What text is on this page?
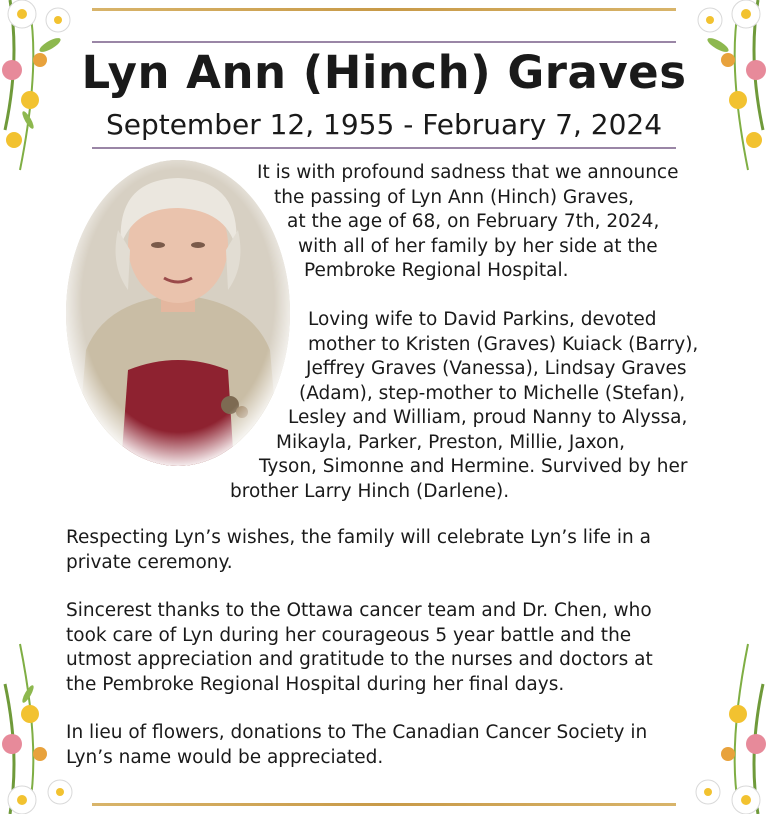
Lyn Ann (Hinch) Graves

September 12, 1955 - February 7, 2024

It is with profound sadness that we announce

the passing of Lyn Ann (Hinch) Graves,

at the age of 68, on February 7th, 2024,

with all of her family by her side at the

Pembroke Regional Hospital.

Loving wife to David Parkins, devoted

mother to Kristen (Graves) Kuiack (Barry),

Jeffrey Graves (Vanessa), Lindsay Graves

(Adam), step-mother to Michelle (Stefan),

Lesley and William, proud Nanny to Alyssa,

Mikayla, Parker, Preston, Millie, Jaxon,

Tyson, Simonne and Hermine. Survived by her

brother Larry Hinch (Darlene).

Respecting Lyn’s wishes, the family will celebrate Lyn’s life in a

private ceremony.

Sincerest thanks to the Ottawa cancer team and Dr. Chen, who

took care of Lyn during her courageous 5 year battle and the

utmost appreciation and gratitude to the nurses and doctors at

the Pembroke Regional Hospital during her final days.

In lieu of flowers, donations to The Canadian Cancer Society in

Lyn’s name would be appreciated.
